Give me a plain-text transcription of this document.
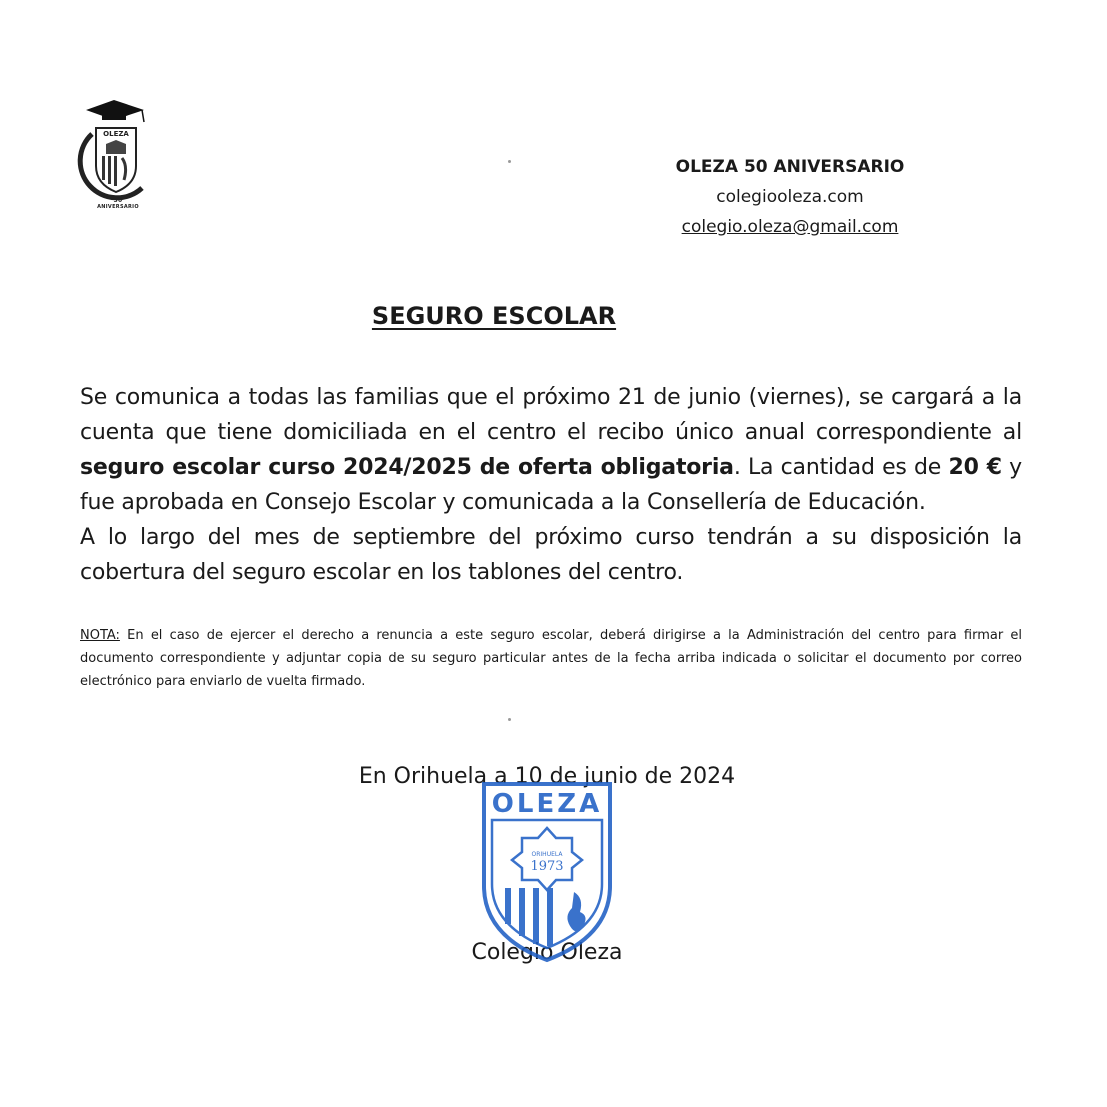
OLEZA
50
ANIVERSARIO
OLEZA 50 ANIVERSARIO
colegiooleza.com
colegio.oleza@gmail.com
SEGURO ESCOLAR

Se comunica a todas las familias que el próximo 21 de junio (viernes), se cargará a la cuenta que tiene domiciliada en el centro el recibo único anual correspondiente al seguro escolar curso 2024/2025 de oferta obligatoria. La cantidad es de 20 € y fue aprobada en Consejo Escolar y comunicada a la Consellería de Educación.

A lo largo del mes de septiembre del próximo curso tendrán a su disposición la cobertura del seguro escolar en los tablones del centro.

NOTA: En el caso de ejercer el derecho a renuncia a este seguro escolar, deberá dirigirse a la Administración del centro para firmar el documento correspondiente y adjuntar copia de su seguro particular antes de la fecha arriba indicada o solicitar el documento por correo electrónico para enviarlo de vuelta firmado.
En Orihuela a 10 de junio de 2024
OLEZA
ORIHUELA
1973
Colegio Oleza
